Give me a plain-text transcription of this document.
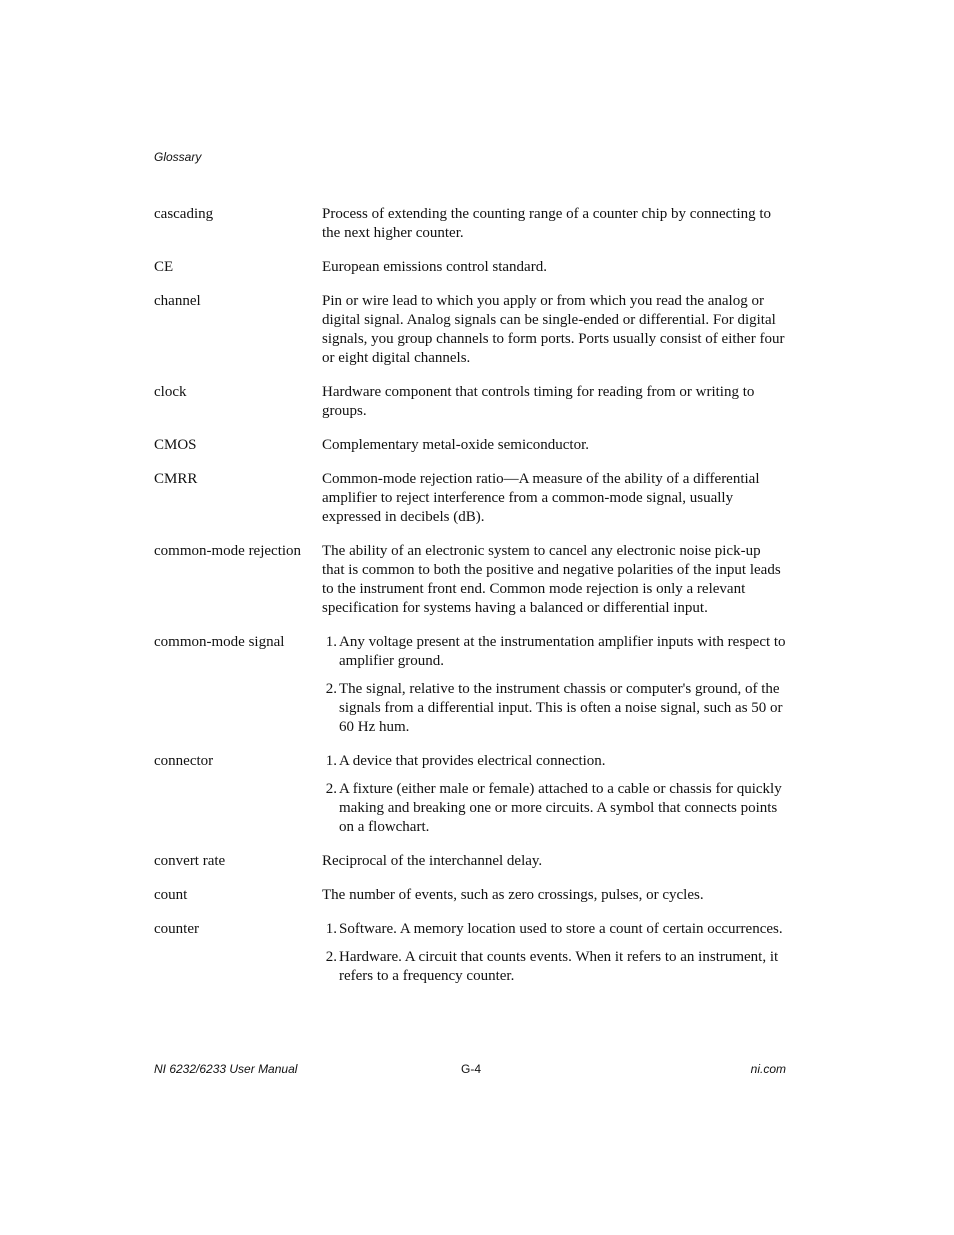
Glossary
cascading	Process of extending the counting range of a counter chip by connecting to the next higher counter.
CE	European emissions control standard.
channel	Pin or wire lead to which you apply or from which you read the analog or digital signal. Analog signals can be single-ended or differential. For digital signals, you group channels to form ports. Ports usually consist of either four or eight digital channels.
clock	Hardware component that controls timing for reading from or writing to groups.
CMOS	Complementary metal-oxide semiconductor.
CMRR	Common-mode rejection ratio—A measure of the ability of a differential amplifier to reject interference from a common-mode signal, usually expressed in decibels (dB).
common-mode rejection	The ability of an electronic system to cancel any electronic noise pick-up that is common to both the positive and negative polarities of the input leads to the instrument front end. Common mode rejection is only a relevant specification for systems having a balanced or differential input.
common-mode signal	1. Any voltage present at the instrumentation amplifier inputs with respect to amplifier ground.
2. The signal, relative to the instrument chassis or computer's ground, of the signals from a differential input. This is often a noise signal, such as 50 or 60 Hz hum.
connector	1. A device that provides electrical connection.
2. A fixture (either male or female) attached to a cable or chassis for quickly making and breaking one or more circuits. A symbol that connects points on a flowchart.
convert rate	Reciprocal of the interchannel delay.
count	The number of events, such as zero crossings, pulses, or cycles.
counter	1. Software. A memory location used to store a count of certain occurrences.
2. Hardware. A circuit that counts events. When it refers to an instrument, it refers to a frequency counter.
NI 6232/6233 User Manual	G-4	ni.com
